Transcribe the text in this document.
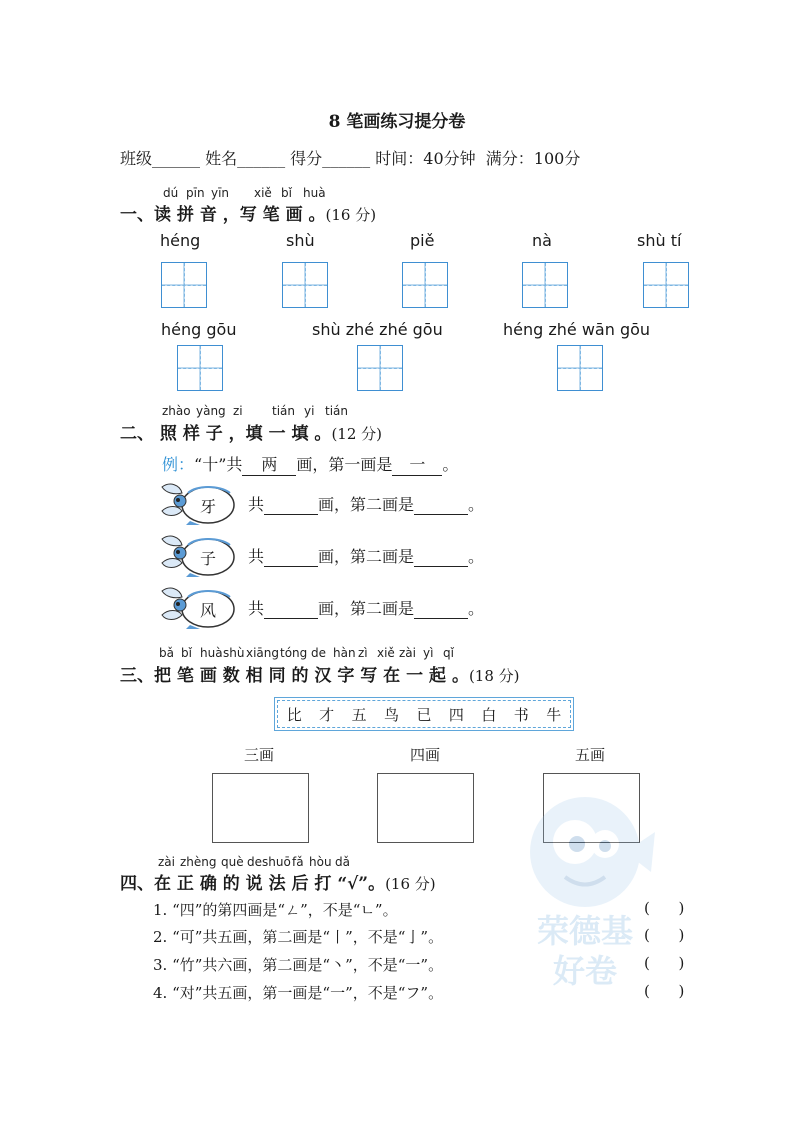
8 笔画练习提分卷
班级______ 姓名______ 得分______ 时间：40分钟  满分：100分
dú pīn yīn xiě bǐ huà
一、读 拼 音 ，写 笔 画 。(16 分)
héng	shù	piě	nà	shù tí
héng gōu	shù zhé zhé gōu	héng zhé wān gōu
zhào yàng zi tián yi tián
二、 照 样 子 ，填 一 填 。(12 分)
例：“十”共 两 画，第一画是 一 。
牙 共	画，第二画是	。
子 共	画，第二画是	。
风 共	画，第二画是	。
bǎ bǐ huà shù xiāng tóng de hàn zì xiě zài yì qǐ
三、把 笔 画 数 相 同 的 汉 字 写 在 一 起 。(18 分)
比 才 五 鸟 已 四 白 书 牛
三画	四画	五画
荣德基
好卷
zài zhèng què de shuō fǎ hòu dǎ
四、在 正 确 的 说 法 后 打 “√”。(16 分)
1. “四”的第四画是“ㄥ”，不是“ㄴ”。	(      )
2. “可”共五画，第二画是“丨”，不是“亅”。	(      )
3. “竹”共六画，第二画是“丶”，不是“一”。	(      )
4. “对”共五画，第一画是“一”，不是“フ”。	(      )
